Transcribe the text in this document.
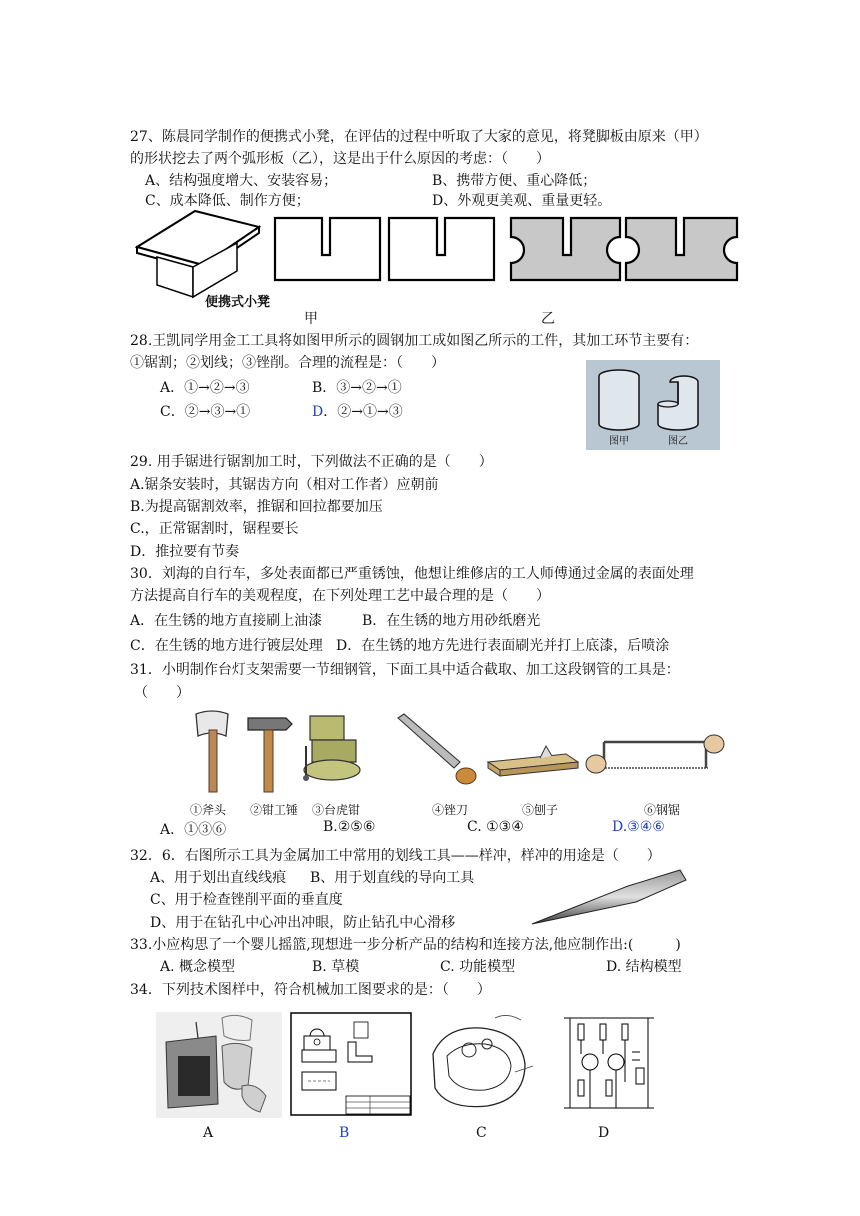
27、陈晨同学制作的便携式小凳，在评估的过程中听取了大家的意见，将凳脚板由原来（甲）
的形状挖去了两个弧形板（乙），这是出于什么原因的考虑：（　　）
A、结构强度增大、安装容易；	B、携带方便、重心降低；
C、成本降低、制作方便；	D、外观更美观、重量更轻。
便携式小凳
甲	乙
28.王凯同学用金工工具将如图甲所示的圆钢加工成如图乙所示的工件，其加工环节主要有：
①锯割；②划线；③锉削。合理的流程是：（　　）
A．①→②→③	B．③→②→①
C．②→③→①	D．②→①→③
图甲	图乙
29. 用手锯进行锯割加工时，下列做法不正确的是（　　）
A.锯条安装时，其锯齿方向（相对工作者）应朝前
B.为提高锯割效率，推锯和回拉都要加压
C.，正常锯割时，锯程要长
D．推拉要有节奏
30．刘海的自行车，多处表面都已严重锈蚀，他想让维修店的工人师傅通过金属的表面处理
方法提高自行车的美观程度，在下列处理工艺中最合理的是（　　）
A．在生锈的地方直接刷上油漆	B．在生锈的地方用砂纸磨光
C．在生锈的地方进行镀层处理 D．在生锈的地方先进行表面刷光并打上底漆，后喷涂
31．小明制作台灯支架需要一节细钢管，下面工具中适合截取、加工这段钢管的工具是：
（　　）
①斧头 ②钳工锤 ③台虎钳	④锉刀	⑤刨子	⑥钢锯
A．①③⑥	B.②⑤⑥	C. ①③④	D.③④⑥
32．6．右图所示工具为金属加工中常用的划线工具——样冲，样冲的用途是（　　）
A、用于划出直线线痕 B、用于划直线的导向工具
C、用于检查锉削平面的垂直度
D、用于在钻孔中心冲出冲眼，防止钻孔中心滑移
33.小应构思了一个婴儿摇篮,现想进一步分析产品的结构和连接方法,他应制作出:(　　　)
A. 概念模型	B. 草模	C. 功能模型	D. 结构模型
34．下列技术图样中，符合机械加工图要求的是：（　　）
A	B	C	D
